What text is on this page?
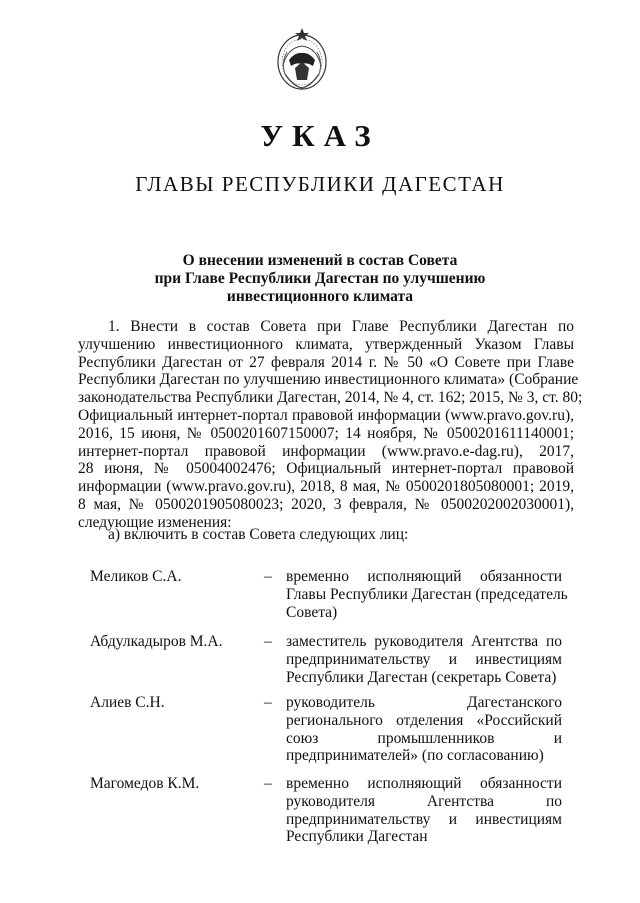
УКАЗ
ГЛАВЫ РЕСПУБЛИКИ ДАГЕСТАН
О внесении изменений в состав Совета
при Главе Республики Дагестан по улучшению
инвестиционного климата
1. Внести в состав Совета при Главе Республики Дагестан по
улучшению инвестиционного климата, утвержденный Указом Главы
Республики Дагестан от 27 февраля 2014 г. № 50 «О Совете при Главе
Республики Дагестан по улучшению инвестиционного климата» (Собрание
законодательства Республики Дагестан, 2014, № 4, ст. 162; 2015, № 3, ст. 80;
Официальный интернет-портал правовой информации (www.pravo.gov.ru),
2016, 15 июня, № 0500201607150007; 14 ноября, № 0500201611140001;
интернет-портал правовой информации (www.pravo.e-dag.ru), 2017,
28 июня, № 05004002476; Официальный интернет-портал правовой
информации (www.pravo.gov.ru), 2018, 8 мая, № 0500201805080001; 2019,
8 мая, № 0500201905080023; 2020, 3 февраля, № 0500202002030001),
следующие изменения:
а) включить в состав Совета следующих лиц:
Меликов С.А.	– временно исполняющий обязанности
Главы Республики Дагестан (председатель
Совета)
Абдулкадыров М.А.	– заместитель руководителя Агентства по
предпринимательству и инвестициям
Республики Дагестан (секретарь Совета)
Алиев С.Н.	– руководитель Дагестанского
регионального отделения «Российский
союз промышленников и
предпринимателей» (по согласованию)
Магомедов К.М.	– временно исполняющий обязанности
руководителя Агентства по
предпринимательству и инвестициям
Республики Дагестан
